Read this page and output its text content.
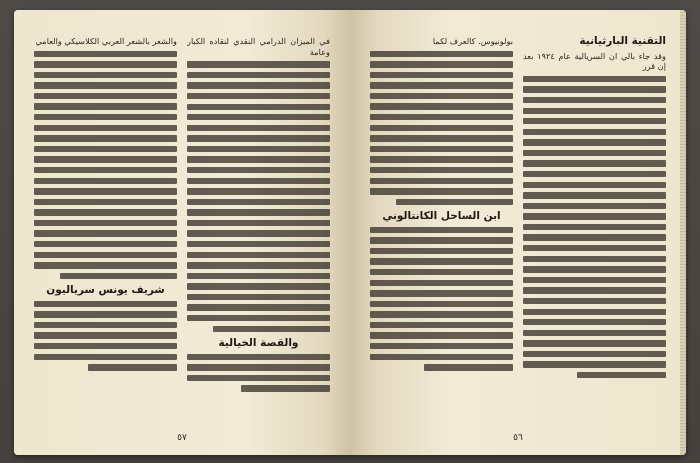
في الميزان الدرامي النقدي لنقاده الكبار وعامة
والقصة الخيالية
والشعر بالشعر العربي الكلاسيكي والعامي
شريف يونس سرياليون
٥٧
التقنية البارثيانية
وقد جاء بالي ان السريالية عام ١٩٢٤ بعد إن قرر
بولونيوس. كالعرف لكما
ابن الساحل الكانتالوني
٥٦
